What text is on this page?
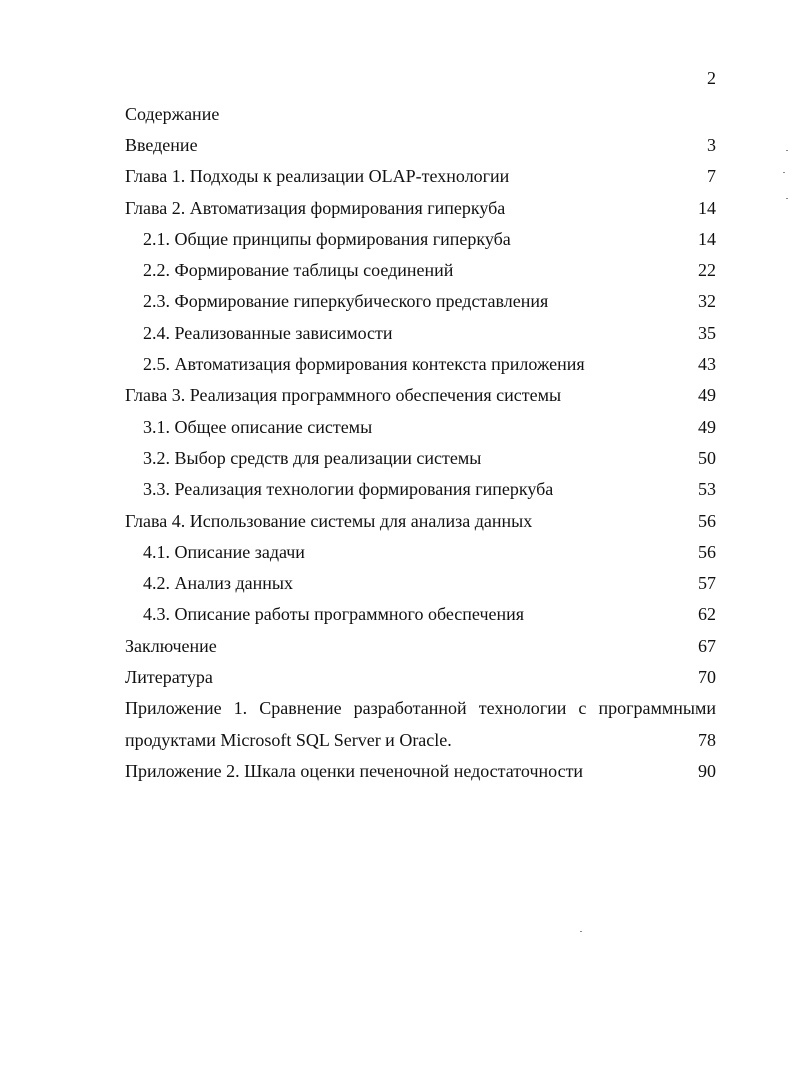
2
Содержание
Введение	3
Глава 1. Подходы к реализации OLAP-технологии	7
Глава 2. Автоматизация формирования гиперкуба	14
2.1. Общие принципы формирования гиперкуба	14
2.2. Формирование таблицы соединений	22
2.3. Формирование гиперкубического представления	32
2.4. Реализованные зависимости	35
2.5. Автоматизация формирования контекста приложения	43
Глава 3. Реализация программного обеспечения системы	49
3.1. Общее описание системы	49
3.2. Выбор средств для реализации системы	50
3.3. Реализация технологии формирования гиперкуба	53
Глава 4. Использование системы для анализа данных	56
4.1. Описание задачи	56
4.2. Анализ данных	57
4.3. Описание работы программного обеспечения	62
Заключение	67
Литература	70
Приложение 1. Сравнение разработанной технологии с программными
продуктами Microsoft SQL Server и Oracle.	78
Приложение 2. Шкала оценки печеночной недостаточности	90
